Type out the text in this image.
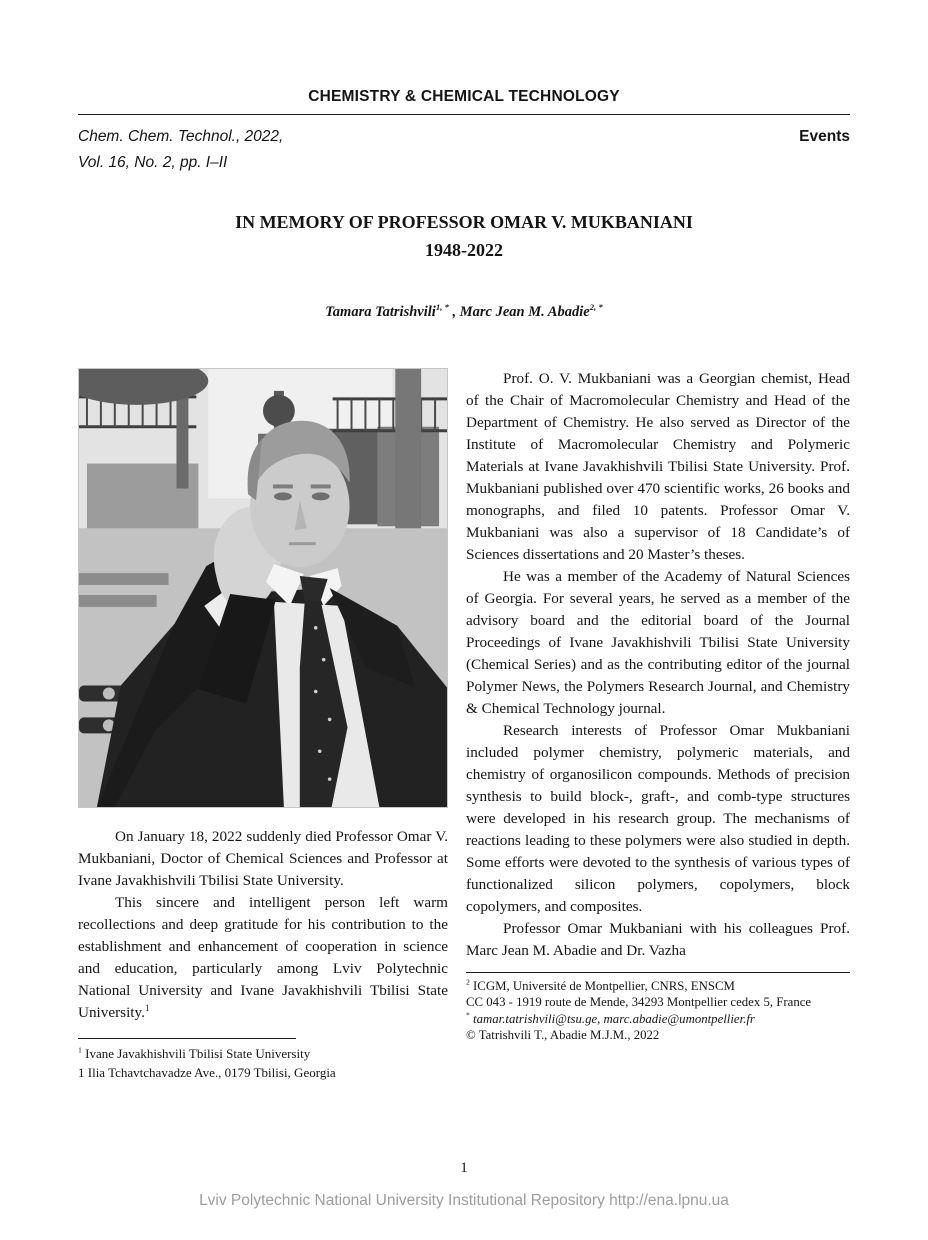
CHEMISTRY & CHEMICAL TECHNOLOGY
Chem. Chem. Technol., 2022,
Vol. 16, No. 2, pp. I–II
Events
IN MEMORY OF PROFESSOR OMAR V. MUKBANIANI
1948-2022
Tamara Tatrishvili$^{1, *}$ , Marc Jean M. Abadie$^{2, *}$

On January 18, 2022 suddenly died Professor Omar V. Mukbaniani, Doctor of Chemical Sciences and Professor at Ivane Javakhishvili Tbilisi State University.

This sincere and intelligent person left warm recollections and deep gratitude for his contribution to the establishment and enhancement of cooperation in science and education, particularly among Lviv Polytechnic National University and Ivane Javakhishvili Tbilisi State University.$^1$

$^1$ Ivane Javakhishvili Tbilisi State University
1 Ilia Tchavtchavadze Ave., 0179 Tbilisi, Georgia

Prof. O. V. Mukbaniani was a Georgian chemist, Head of the Chair of Macromolecular Chemistry and Head of the Department of Chemistry. He also served as Director of the Institute of Macromolecular Chemistry and Polymeric Materials at Ivane Javakhishvili Tbilisi State University. Prof. Mukbaniani published over 470 scientific works, 26 books and monographs, and filed 10 patents. Professor Omar V. Mukbaniani was also a supervisor of 18 Candidate’s of Sciences dissertations and 20 Master’s theses.

He was a member of the Academy of Natural Sciences of Georgia. For several years, he served as a member of the advisory board and the editorial board of the Journal Proceedings of Ivane Javakhishvili Tbilisi State University (Chemical Series) and as the contributing editor of the journal Polymer News, the Polymers Research Journal, and Chemistry & Chemical Technology journal.

Research interests of Professor Omar Mukbaniani included polymer chemistry, polymeric materials, and chemistry of organosilicon compounds. Methods of precision synthesis to build block-, graft-, and comb-type structures were developed in his research group. The mechanisms of reactions leading to these polymers were also studied in depth. Some efforts were devoted to the synthesis of various types of functionalized silicon polymers, copolymers, block copolymers, and composites.

Professor Omar Mukbaniani with his colleagues Prof. Marc Jean M. Abadie and Dr. Vazha

$^2$ ICGM, Université de Montpellier, CNRS, ENSCM
CC 043 - 1919 route de Mende, 34293 Montpellier cedex 5, France
* tamar.tatrishvili@tsu.ge, marc.abadie@umontpellier.fr
© Tatrishvili T., Abadie M.J.M., 2022
1
Lviv Polytechnic National University Institutional Repository http://ena.lpnu.ua
